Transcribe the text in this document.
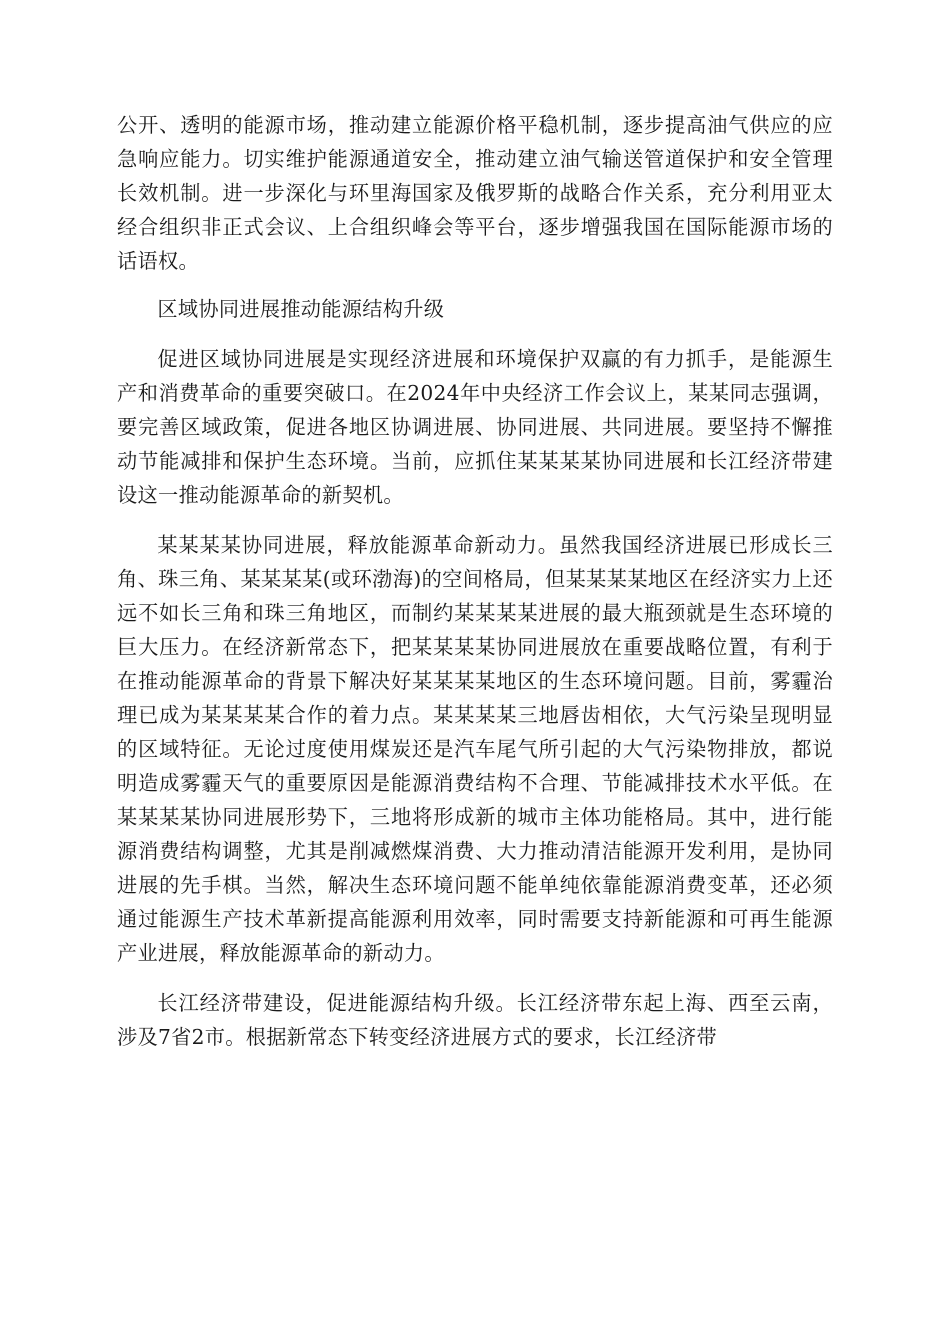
公开、透明的能源市场，推动建立能源价格平稳机制，逐步提高油气供应的应急响应能力。切实维护能源通道安全，推动建立油气输送管道保护和安全管理长效机制。进一步深化与环里海国家及俄罗斯的战略合作关系，充分利用亚太经合组织非正式会议、上合组织峰会等平台，逐步增强我国在国际能源市场的话语权。

区域协同进展推动能源结构升级

促进区域协同进展是实现经济进展和环境保护双赢的有力抓手，是能源生产和消费革命的重要突破口。在2024年中央经济工作会议上，某某同志强调，要完善区域政策，促进各地区协调进展、协同进展、共同进展。要坚持不懈推动节能减排和保护生态环境。当前，应抓住某某某某协同进展和长江经济带建设这一推动能源革命的新契机。

某某某某协同进展，释放能源革命新动力。虽然我国经济进展已形成长三角、珠三角、某某某某(或环渤海)的空间格局，但某某某某地区在经济实力上还远不如长三角和珠三角地区，而制约某某某某进展的最大瓶颈就是生态环境的巨大压力。在经济新常态下，把某某某某协同进展放在重要战略位置，有利于在推动能源革命的背景下解决好某某某某地区的生态环境问题。目前，雾霾治理已成为某某某某合作的着力点。某某某某三地唇齿相依，大气污染呈现明显的区域特征。无论过度使用煤炭还是汽车尾气所引起的大气污染物排放，都说明造成雾霾天气的重要原因是能源消费结构不合理、节能减排技术水平低。在某某某某协同进展形势下，三地将形成新的城市主体功能格局。其中，进行能源消费结构调整，尤其是削减燃煤消费、大力推动清洁能源开发利用，是协同进展的先手棋。当然，解决生态环境问题不能单纯依靠能源消费变革，还必须通过能源生产技术革新提高能源利用效率，同时需要支持新能源和可再生能源产业进展，释放能源革命的新动力。

长江经济带建设，促进能源结构升级。长江经济带东起上海、西至云南，涉及7省2市。根据新常态下转变经济进展方式的要求，长江经济带
